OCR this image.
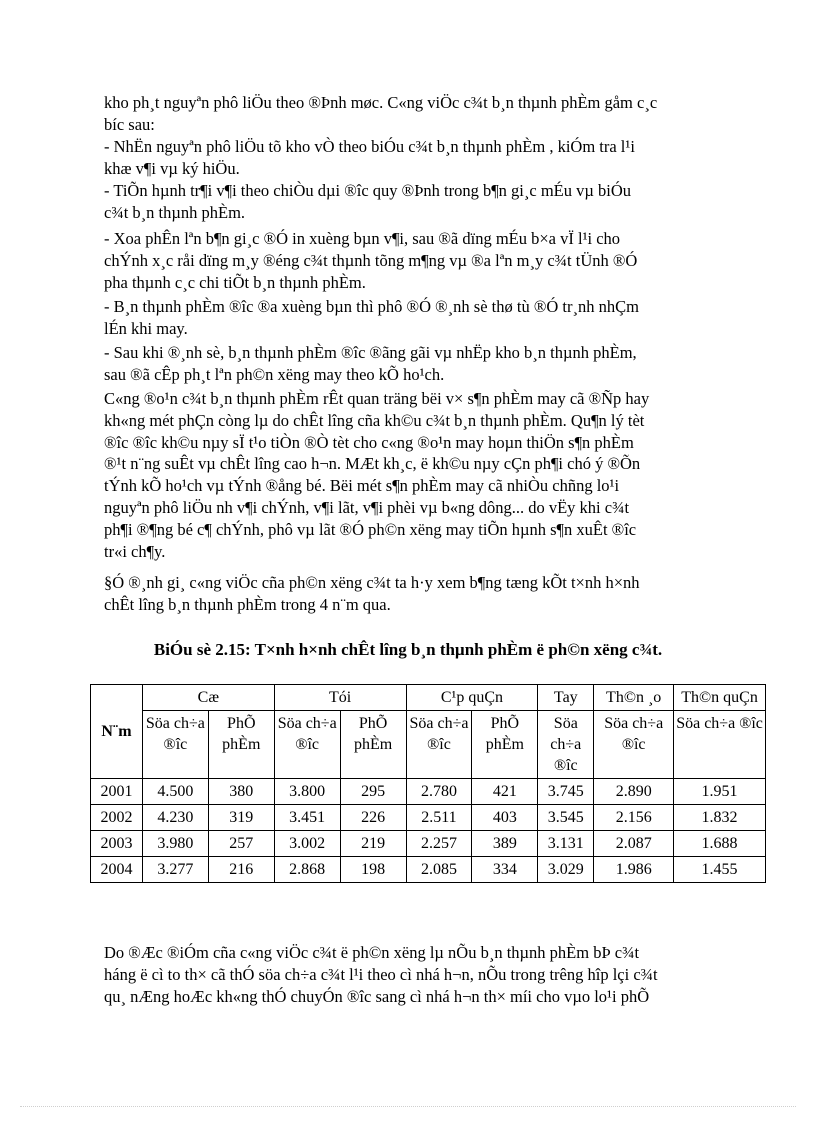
kho ph¸t nguyªn phô liÖu theo ®Þnh møc. C«ng viÖc c¾t b¸n thµnh phÈm gåm c¸c
bíc sau:
- NhËn nguyªn phô liÖu tõ kho vÒ theo biÓu c¾t b¸n thµnh phÈm , kiÓm tra l¹i
khæ v¶i vµ ký hiÖu.
- TiÕn hµnh tr¶i v¶i theo chiÒu dµi ®îc quy ®Þnh trong b¶n gi¸c mÉu vµ biÓu
c¾t b¸n thµnh phÈm.
- Xoa phÊn lªn b¶n gi¸c ®Ó in xuèng bµn v¶i, sau ®ã dïng mÉu b×a vÏ l¹i cho
chÝnh x¸c råi dïng m¸y ®éng c¾t thµnh tõng m¶ng vµ ®a lªn m¸y c¾t tÜnh ®Ó
pha thµnh c¸c chi tiÕt b¸n thµnh phÈm.
- B¸n thµnh phÈm ®îc ®a xuèng bµn thì phô ®Ó ®¸nh sè thø tù ®Ó tr¸nh nhÇm
lÉn khi may.
- Sau khi ®¸nh sè, b¸n thµnh phÈm ®îc ®ãng gãi vµ nhËp kho b¸n thµnh phÈm,
sau ®ã cÊp ph¸t lªn ph©n xëng may theo kÕ ho¹ch.
C«ng ®o¹n c¾t b¸n thµnh phÈm rÊt quan träng bëi v× s¶n phÈm may cã ®Ñp hay
kh«ng mét phÇn còng lµ do chÊt lîng cña kh©u c¾t b¸n thµnh phÈm. Qu¶n lý tèt
®îc ®îc kh©u nµy sÏ t¹o tiÒn ®Ò tèt cho c«ng ®o¹n may hoµn thiÖn s¶n phÈm
®¹t n¨ng suÊt vµ chÊt lîng cao h¬n. MÆt kh¸c, ë kh©u nµy cÇn ph¶i chó ý ®Õn
tÝnh kÕ ho¹ch vµ tÝnh ®ång bé. Bëi mét s¶n phÈm may cã nhiÒu chñng lo¹i
nguyªn phô liÖu nh v¶i chÝnh, v¶i lãt, v¶i phèi vµ b«ng dông... do vËy khi c¾t
ph¶i ®¶ng bé c¶ chÝnh, phô vµ lãt ®Ó ph©n xëng may tiÕn hµnh s¶n xuÊt ®îc
tr«i ch¶y.
§Ó ®¸nh gi¸ c«ng viÖc cña ph©n xëng c¾t ta h·y xem b¶ng tæng kÕt t×nh h×nh
chÊt lîng b¸n thµnh phÈm trong 4 n¨m qua.
BiÓu sè 2.15: T×nh h×nh chÊt lîng b¸n thµnh phÈm ë ph©n xëng c¾t.
N¨m	Cæ		Tói		C¹p quÇn		Tay	Th©n ¸o	Th©n quÇn
	Söa ch÷a ®îc	PhÕ phÈm	Söa ch÷a ®îc	PhÕ phÈm	Söa ch÷a ®îc	PhÕ phÈm	Söa ch÷a ®îc	Söa ch÷a ®îc	Söa ch÷a ®îc
2001	4.500	380	3.800	295	2.780	421	3.745	2.890	1.951
2002	4.230	319	3.451	226	2.511	403	3.545	2.156	1.832
2003	3.980	257	3.002	219	2.257	389	3.131	2.087	1.688
2004	3.277	216	2.868	198	2.085	334	3.029	1.986	1.455
Do ®Æc ®iÓm cña c«ng viÖc c¾t ë ph©n xëng lµ nÕu b¸n thµnh phÈm bÞ c¾t
háng ë cì to th× cã thÓ söa ch÷a c¾t l¹i theo cì nhá h¬n, nÕu trong trêng hîp lçi c¾t
qu¸ nÆng hoÆc kh«ng thÓ chuyÓn ®îc sang cì nhá h¬n th× míi cho vµo lo¹i phÕ
